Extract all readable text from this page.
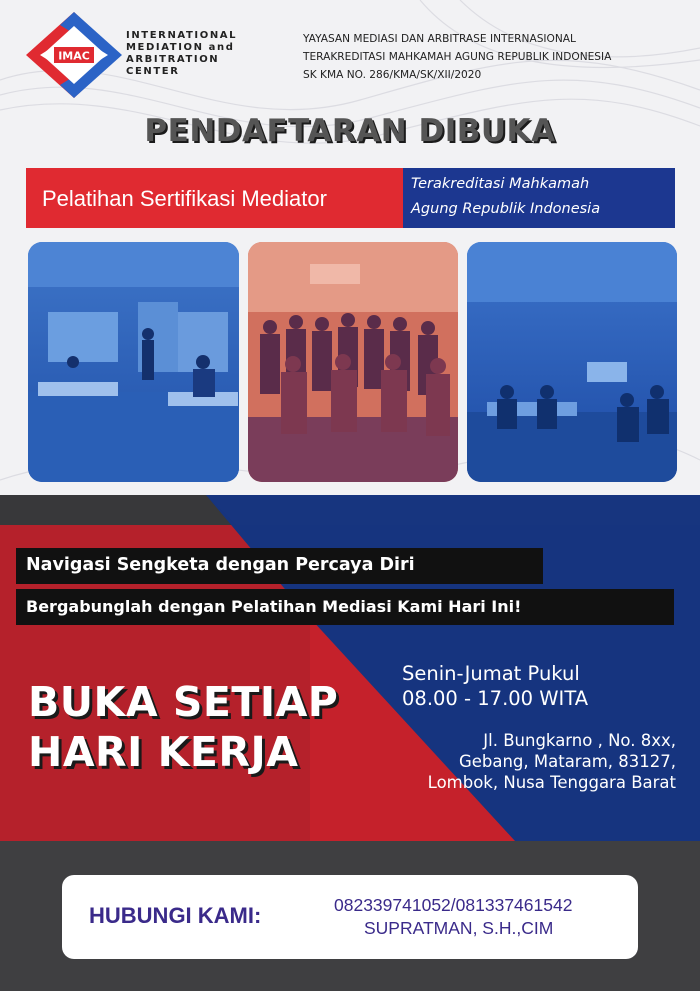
IMAC
INTERNATIONAL
MEDIATION and
ARBITRATION
CENTER
YAYASAN MEDIASI DAN ARBITRASE INTERNASIONAL
TERAKREDITASI MAHKAMAH AGUNG REPUBLIK INDONESIA
SK KMA NO. 286/KMA/SK/XII/2020
PENDAFTARAN DIBUKA
Pelatihan Sertifikasi Mediator
Terakreditasi Mahkamah
Agung Republik Indonesia
Navigasi Sengketa dengan Percaya Diri
Bergabunglah dengan Pelatihan Mediasi Kami Hari Ini!
BUKA SETIAP
HARI KERJA
Senin-Jumat Pukul
08.00 - 17.00 WITA
Jl. Bungkarno , No. 8xx,
Gebang, Mataram, 83127,
Lombok, Nusa Tenggara Barat
HUBUNGI KAMI:	082339741052/081337461542
SUPRATMAN, S.H.,CIM
